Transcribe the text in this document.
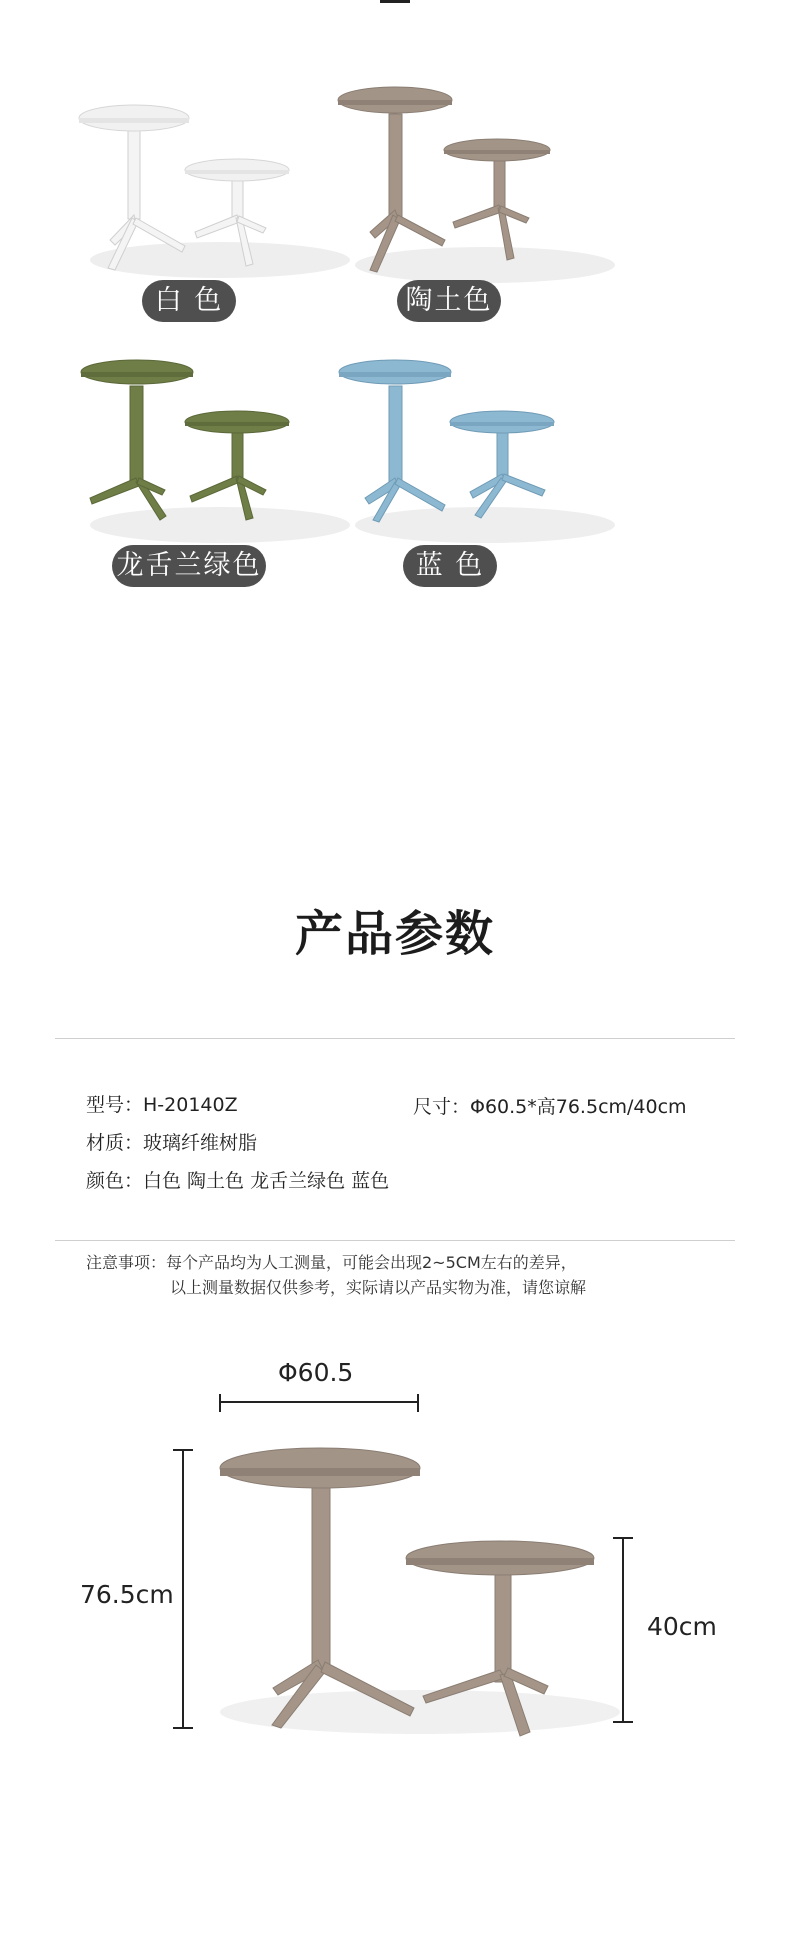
白 色	陶土色
龙舌兰绿色	蓝 色
产品参数
型号：H-20140Z	尺寸：Φ60.5*高76.5cm/40cm
材质：玻璃纤维树脂
颜色：白色 陶土色 龙舌兰绿色 蓝色
注意事项：每个产品均为人工测量，可能会出现2~5CM左右的差异，
以上测量数据仅供参考，实际请以产品实物为准，请您谅解
Φ60.5
76.5cm
40cm
